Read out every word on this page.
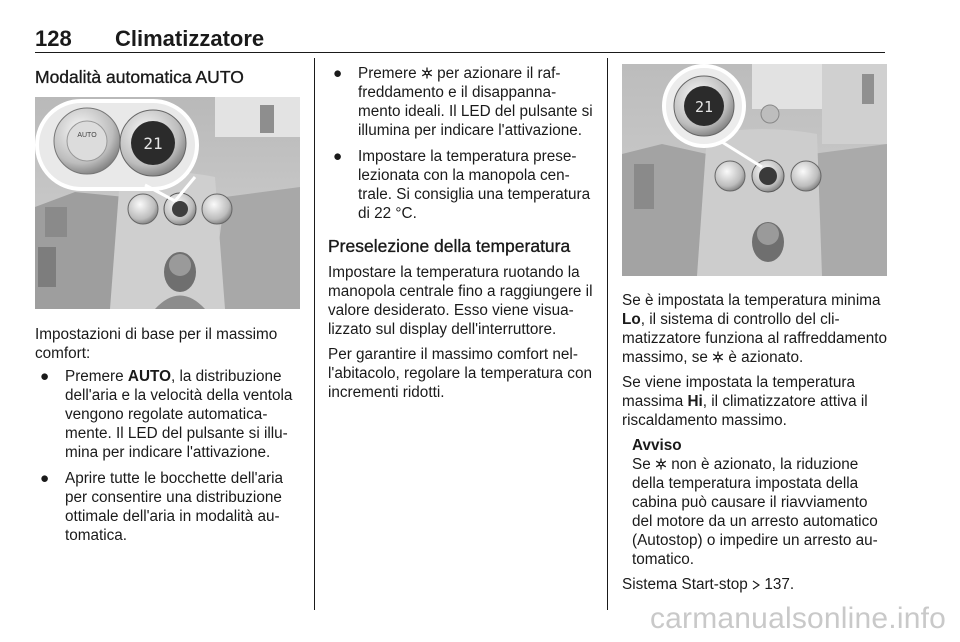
128 Climatizzatore
Modalità automatica AUTO
AUTO	21

Impostazioni di base per il massimo comfort:

● Premere AUTO, la distribuzione dell'aria e la velocità della ventola vengono regolate automaticamente. Il LED del pulsante si illumina per indicare l'attivazione.
● Aprire tutte le bocchette dell'aria per consentire una distribuzione ottimale dell'aria in modalità automatica.
● Premere  per azionare il raffreddamento e il disappannamento ideali. Il LED del pulsante si illumina per indicare l'attivazione.
● Impostare la temperatura preselezionata con la manopola centrale. Si consiglia una temperatura di 22 °C.
Preselezione della temperatura

Impostare la temperatura ruotando la manopola centrale fino a raggiungere il valore desiderato. Esso viene visualizzato sul display dell'interruttore.

Per garantire il massimo comfort nell'abitacolo, regolare la temperatura con incrementi ridotti.

21

Se è impostata la temperatura minima Lo, il sistema di controllo del climatizzatore funziona al raffreddamento massimo, se  è azionato.

Se viene impostata la temperatura massima Hi, il climatizzatore attiva il riscaldamento massimo.

Avviso
Se  non è azionato, la riduzione della temperatura impostata della cabina può causare il riavviamento del motore da un arresto automatico (Autostop) o impedire un arresto automatico.

Sistema Start-stop  137.

carmanualsonline.info
